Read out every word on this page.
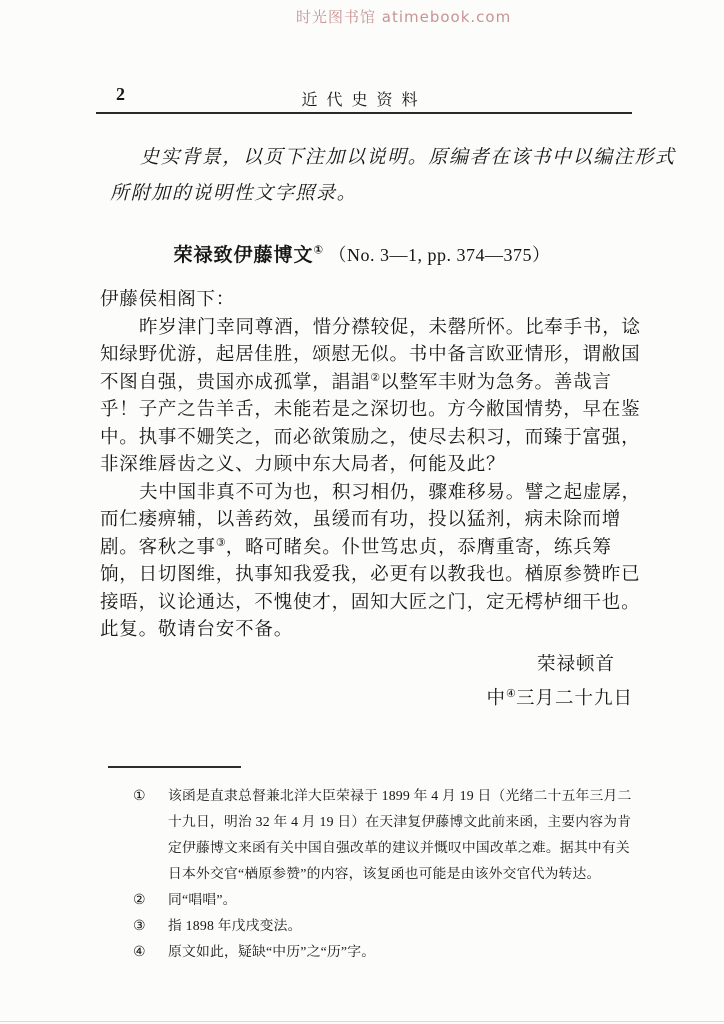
时光图书馆 atimebook.com
2	近代史资料
史实背景，以页下注加以说明。原编者在该书中以编注形式
所附加的说明性文字照录。
荣禄致伊藤博文① （No. 3—1, pp. 374—375）
伊藤侯相阁下：
昨岁津门幸同尊酒，惜分襟较促，未罄所怀。比奉手书，谂
知绿野优游，起居佳胜，颂慰无似。书中备言欧亚情形，谓敝国
不图自强，贵国亦成孤掌，誯誯②以整军丰财为急务。善哉言
乎！子产之告羊舌，未能若是之深切也。方今敝国情势，早在鉴
中。执事不姗笑之，而必欲策励之，使尽去积习，而臻于富强，
非深维唇齿之义、力顾中东大局者，何能及此？
夫中国非真不可为也，积习相仍，骤难移易。譬之起虚孱，
而仁痿痹辅，以善药效，虽缓而有功，投以猛剂，病未除而增
剧。客秋之事③，略可睹矣。仆世笃忠贞，忝膺重寄，练兵筹
饷，日切图维，执事知我爱我，必更有以教我也。楢原参赞昨已
接晤，议论通达，不愧使才，固知大匠之门，定无樗栌细干也。
此复。敬请台安不备。
荣禄顿首
中④三月二十九日
①	该函是直隶总督兼北洋大臣荣禄于 1899 年 4 月 19 日（光绪二十五年三月二
十九日，明治 32 年 4 月 19 日）在天津复伊藤博文此前来函，主要内容为肯
定伊藤博文来函有关中国自强改革的建议并慨叹中国改革之难。据其中有关
日本外交官“楢原参赞”的内容，该复函也可能是由该外交官代为转达。
②	同“唱唱”。
③	指 1898 年戊戌变法。
④	原文如此，疑缺“中历”之“历”字。
